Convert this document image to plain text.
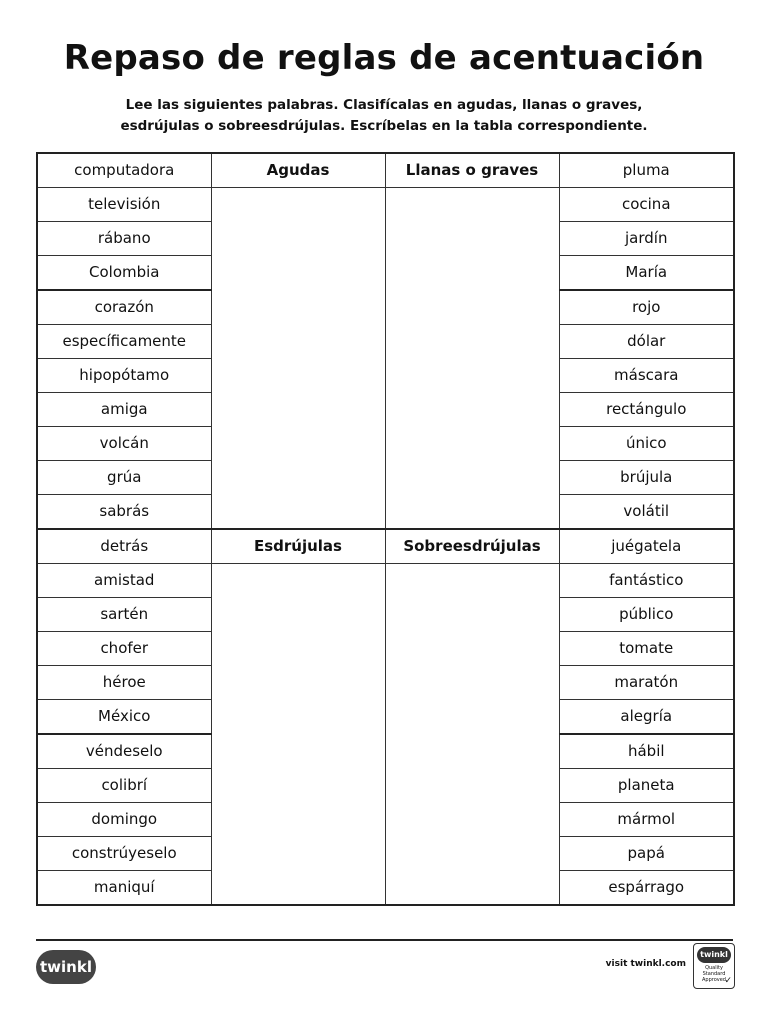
Repaso de reglas de acentuación
Lee las siguientes palabras. Clasifícalas en agudas, llanas o graves,
esdrújulas o sobreesdrújulas. Escríbelas en la tabla correspondiente.
computadora	Agudas	Llanas o graves	pluma
televisión			cocina
rábano			jardín
Colombia			María
corazón			rojo
específicamente			dólar
hipopótamo			máscara
amiga			rectángulo
volcán			único
grúa			brújula
sabrás			volátil
detrás	Esdrújulas	Sobreesdrújulas	juégatela
amistad			fantástico
sartén			público
chofer			tomate
héroe			maratón
México			alegría
véndeselo			hábil
colibrí			planeta
domingo			mármol
constrúyeselo			papá
maniquí			espárrago
twinkl	visit twinkl.com
twinkl
Quality Standard Approved
✓
